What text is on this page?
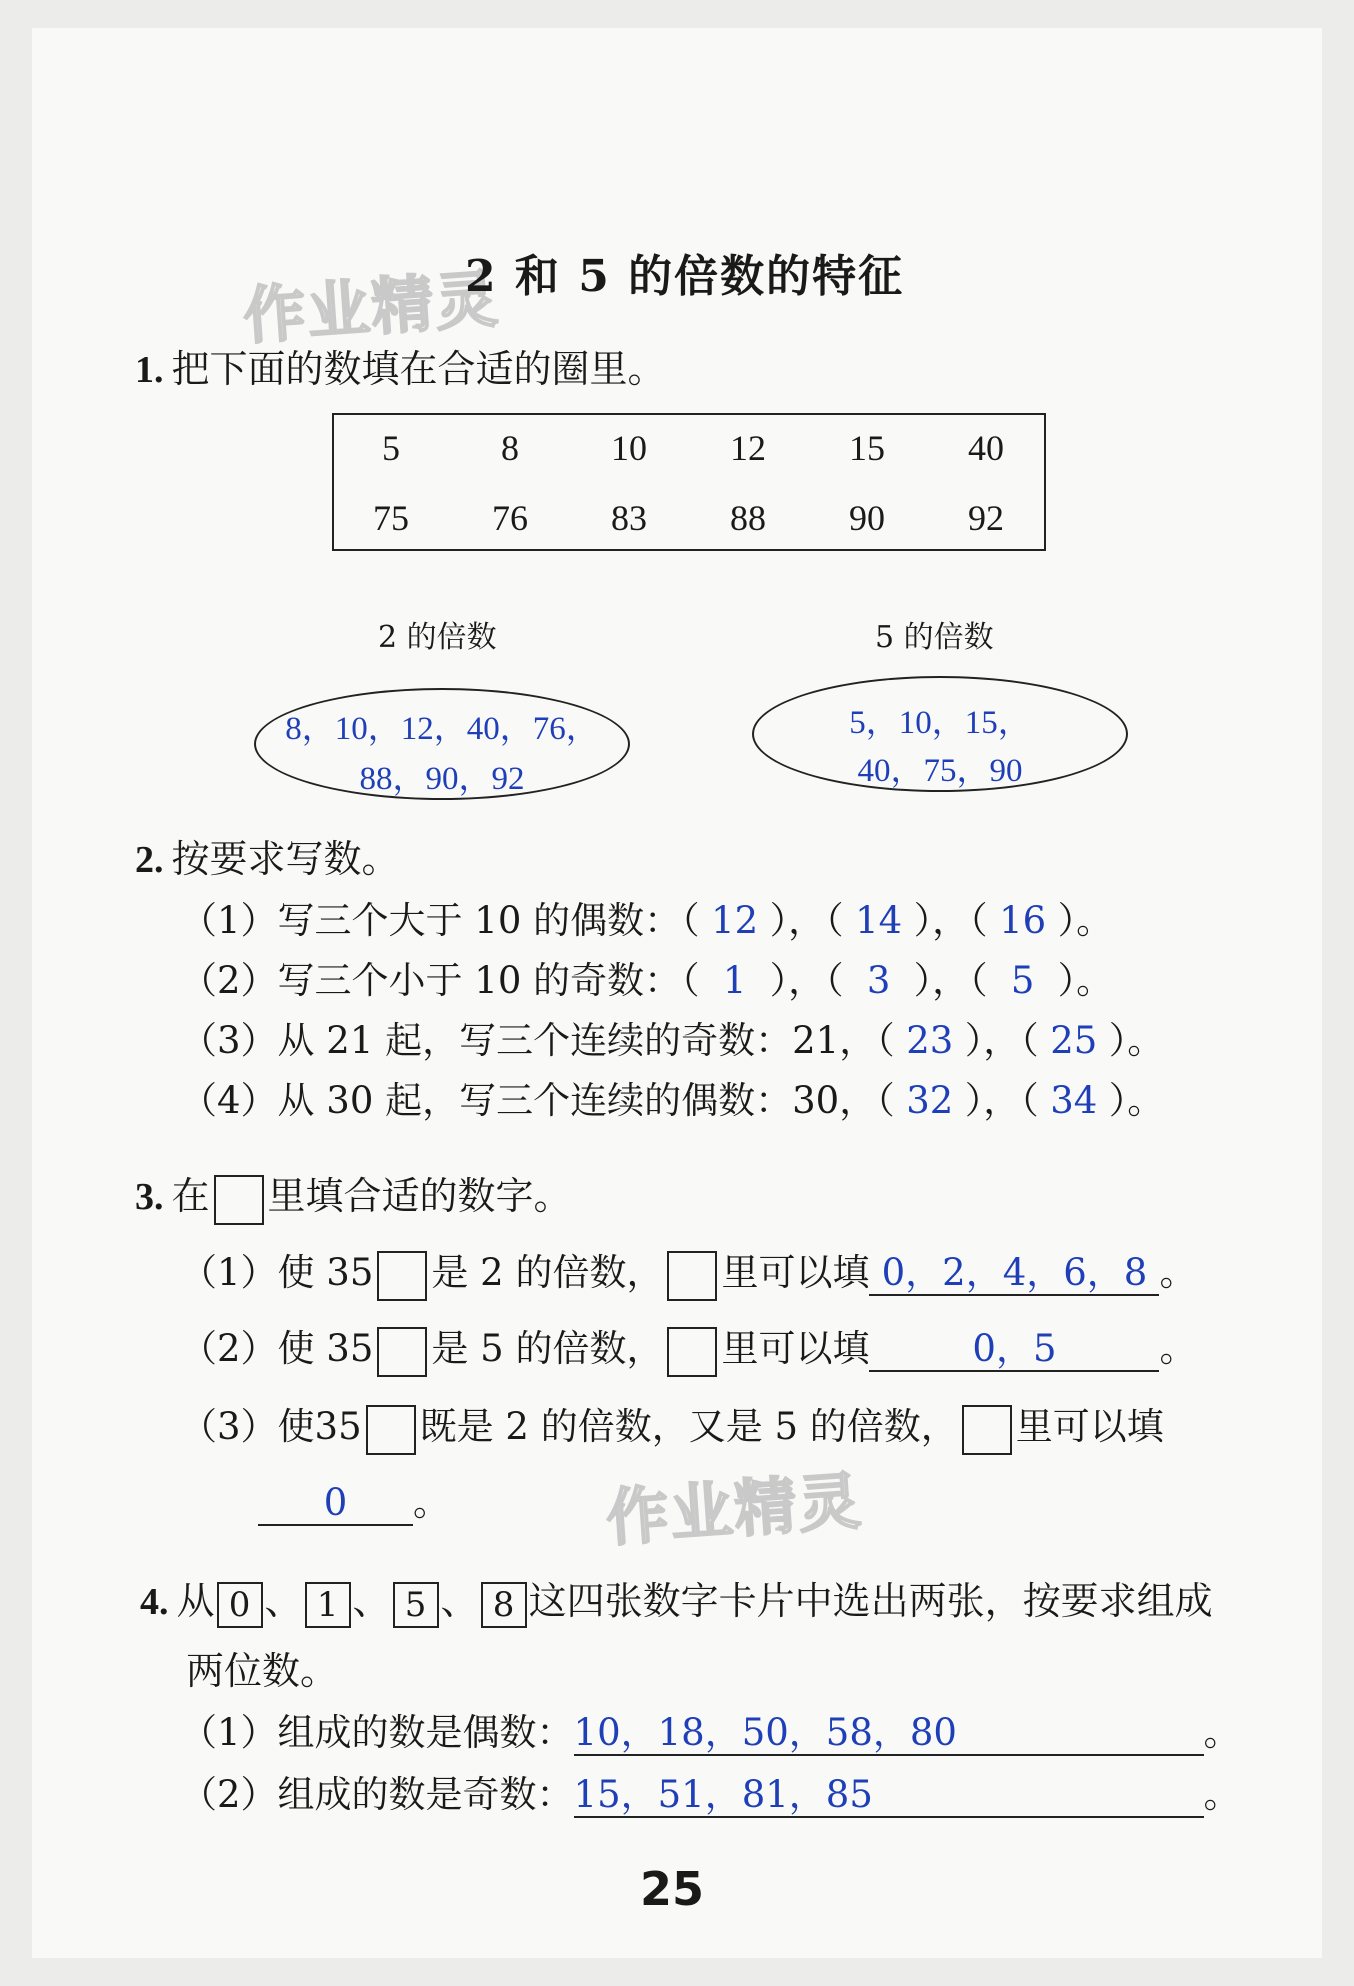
作业精灵
作业精灵
2 和 5 的倍数的特征
1. 把下面的数填在合适的圈里。
5	8	10	12	15	40
75	76	83	88	90	92
2 的倍数	5 的倍数
8，10，12，40，76，
88，90，92
5，10，15，
40，75，90
2. 按要求写数。
（1）写三个大于 10 的偶数：（ 12 ），（ 14 ），（ 16 ）。
（2）写三个小于 10 的奇数：（ 1 ），（ 3 ），（ 5 ）。
（3）从 21 起，写三个连续的奇数：21，（ 23 ），（ 25 ）。
（4）从 30 起，写三个连续的偶数：30，（ 32 ），（ 34 ）。
3. 在 里填合适的数字。
（1）使 35 是 2 的倍数， 里可以填 0，2，4，6，8 。
（2）使 35 是 5 的倍数， 里可以填	0，5	。
（3）使35 既是 2 的倍数，又是 5 的倍数， 里可以填
0 。
4. 从 0 、 1 、 5 、 8 这四张数字卡片中选出两张，按要求组成
两位数。
（1）组成的数是偶数：10，18，50，58，80	。
（2）组成的数是奇数：15，51，81，85	。
25
